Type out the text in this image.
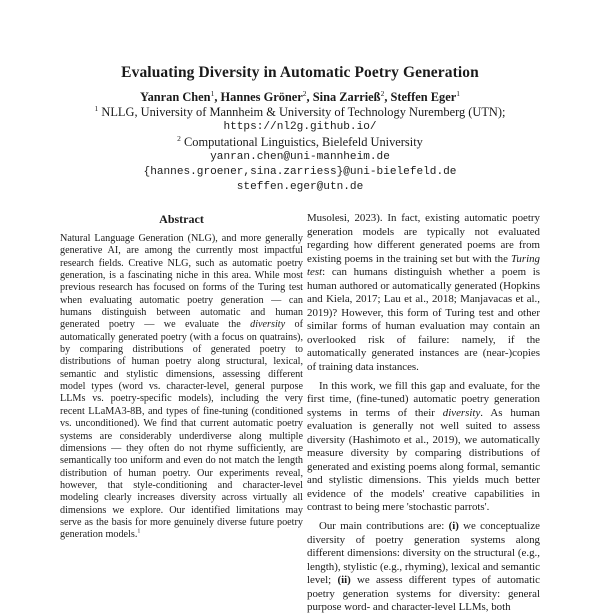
Evaluating Diversity in Automatic Poetry Generation
Yanran Chen$^1$, Hannes Gröner$^2$, Sina Zarrieß$^2$, Steffen Eger$^1$
$^1$ NLLG, University of Mannheim & University of Technology Nuremberg (UTN);
https://nl2g.github.io/
$^2$ Computational Linguistics, Bielefeld University
yanran.chen@uni-mannheim.de
{hannes.groener,sina.zarriess}@uni-bielefeld.de
steffen.eger@utn.de
Abstract

Natural Language Generation (NLG), and more generally generative AI, are among the currently most impactful research fields. Creative NLG, such as automatic poetry generation, is a fascinating niche in this area. While most previous research has focused on forms of the Turing test when evaluating automatic poetry generation — can humans distinguish between automatic and human generated poetry — we evaluate the diversity of automatically generated poetry (with a focus on quatrains), by comparing distributions of generated poetry to distributions of human poetry along structural, lexical, semantic and stylistic dimensions, assessing different model types (word vs. character-level, general purpose LLMs vs. poetry-specific models), including the very recent LLaMA3-8B, and types of fine-tuning (conditioned vs. unconditioned). We find that current automatic poetry systems are considerably underdiverse along multiple dimensions — they often do not rhyme sufficiently, are semantically too uniform and even do not match the length distribution of human poetry. Our experiments reveal, however, that style-conditioning and character-level modeling clearly increases diversity across virtually all dimensions we explore. Our identified limitations may serve as the basis for more genuinely diverse future poetry generation models.$^1$

Musolesi, 2023). In fact, existing automatic poetry generation models are typically not evaluated regarding how different generated poems are from existing poems in the training set but with the Turing test: can humans distinguish whether a poem is human authored or automatically generated (Hopkins and Kiela, 2017; Lau et al., 2018; Manjavacas et al., 2019)? However, this form of Turing test and other similar forms of human evaluation may contain an overlooked risk of failure: namely, if the automatically generated instances are (near-)copies of training data instances.

In this work, we fill this gap and evaluate, for the first time, (fine-tuned) automatic poetry generation systems in terms of their diversity. As human evaluation is generally not well suited to assess diversity (Hashimoto et al., 2019), we automatically measure diversity by comparing distributions of generated and existing poems along formal, semantic and stylistic dimensions. This yields much better evidence of the models' creative capabilities in contrast to being mere 'stochastic parrots'.

Our main contributions are: (i) we conceptualize diversity of poetry generation systems along different dimensions: diversity on the structural (e.g., length), stylistic (e.g., rhyming), lexical and semantic level; (ii) we assess different types of automatic poetry generation systems for diversity: general purpose word- and character-level LLMs, both
